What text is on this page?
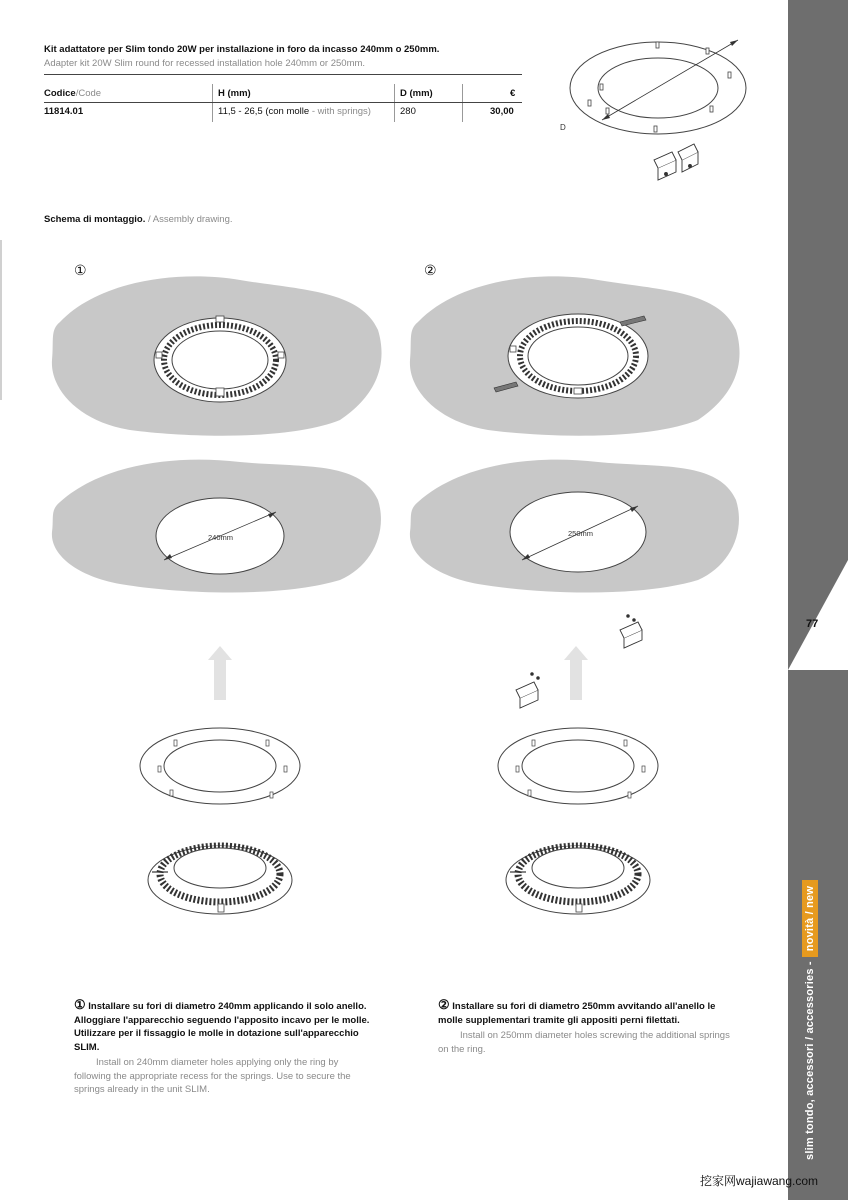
Kit adattatore per Slim tondo 20W per installazione in foro da incasso 240mm o 250mm.
Adapter kit 20W Slim round for recessed installation hole 240mm or 250mm.
Codice/Code	H (mm)	D (mm)	€
11814.01	11,5 - 26,5 (con molle - with springs)	280	30,00
D
Schema di montaggio. / Assembly drawing.
①	②
240mm	250mm
① Installare su fori di diametro 240mm applicando il solo anello. Alloggiare l'apparecchio seguendo l'apposito incavo per le molle. Utilizzare per il fissaggio le molle in dotazione sull'apparecchio SLIM.
Install on 240mm diameter holes applying only the ring by following the appropriate recess for the springs. Use to secure the springs already in the unit SLIM.
② Installare su fori di diametro 250mm avvitando all'anello le molle supplementari tramite gli appositi perni filettati.
Install on 250mm diameter holes screwing the additional springs on the ring.
77
slim tondo, accessori / accessories -novità / new
挖家网wajiawang.com
